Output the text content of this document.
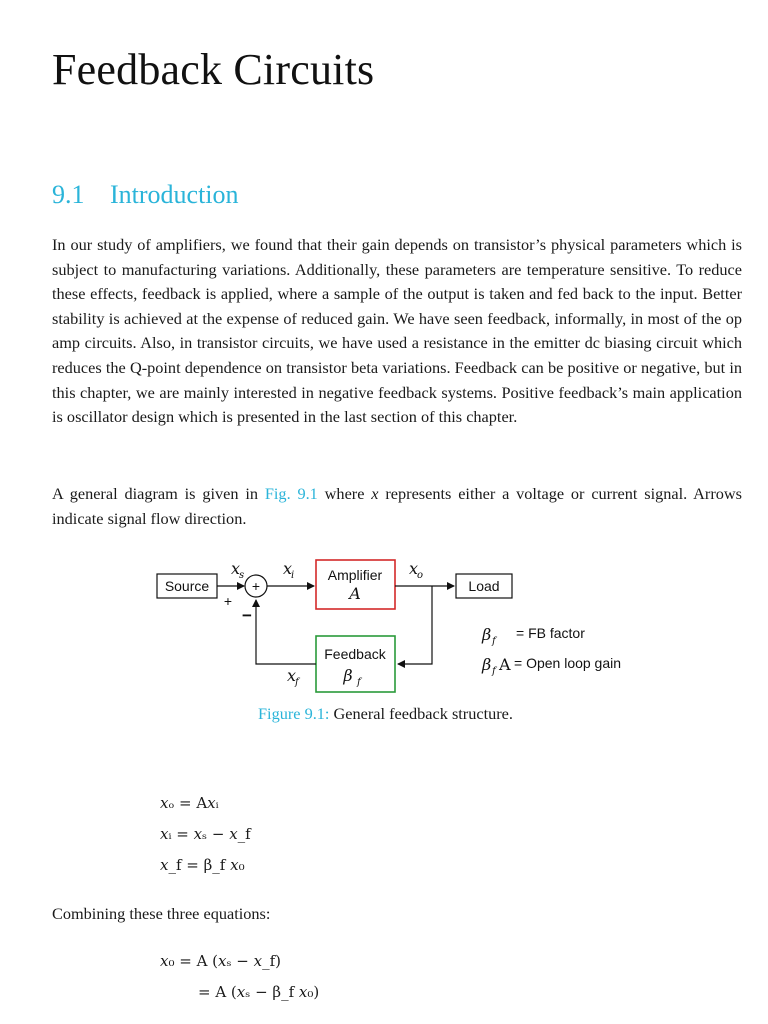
Feedback Circuits
9.1 Introduction

In our study of amplifiers, we found that their gain depends on transistor’s physical parameters which is subject to manufacturing variations. Additionally, these parameters are temperature sensitive. To reduce these effects, feedback is applied, where a sample of the output is taken and fed back to the input. Better stability is achieved at the expense of reduced gain. We have seen feedback, informally, in most of the op amp circuits. Also, in transistor circuits, we have used a resistance in the emitter dc biasing circuit which reduces the Q-point dependence on transistor beta variations. Feedback can be positive or negative, but in this chapter, we are mainly interested in negative feedback systems. Positive feedback’s main application is oscillator design which is presented in the last section of this chapter.

A general diagram is given in Fig. 9.1 where x represents either a voltage or current signal. Arrows indicate signal flow direction.

Source	+
+
−
x
s x
i Amplifier
A
x
o
Load
Feedback
β f
x
f
β f
= FB factor
β f A = Open loop gain

Figure 9.1: General feedback structure.

𝑥ₒ = A𝑥ᵢ
𝑥ᵢ = 𝑥ₛ − 𝑥_f
𝑥_f = β_f 𝑥₀

Combining these three equations:

𝑥₀ = A (𝑥ₛ − 𝑥_f)
= A (𝑥ₛ − β_f 𝑥₀)
